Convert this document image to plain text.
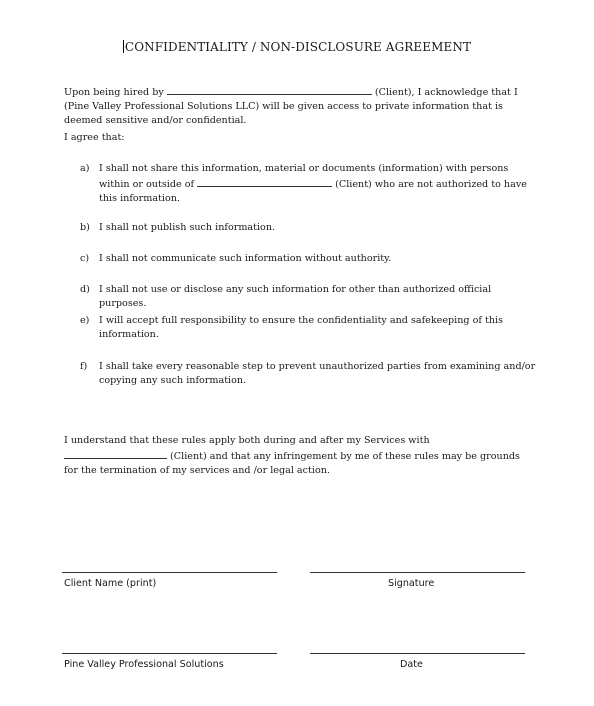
CONFIDENTIALITY / NON-DISCLOSURE AGREEMENT
Upon being hired by	(Client), I acknowledge that I (Pine Valley Professional Solutions LLC) will be given access to private information that is deemed sensitive and/or confidential.
I agree that:
a) I shall not share this information, material or documents (information) with persons within or outside of	(Client) who are not authorized to have this information.
b) I shall not publish such information.
c)	I shall not communicate such information without authority.
d) I shall not use or disclose any such information for other than authorized official purposes.
e) I will accept full responsibility to ensure the confidentiality and safekeeping of this information.
f)	I shall take every reasonable step to prevent unauthorized parties from examining and/or copying any such information.
I understand that these rules apply both during and after my Services with  (Client) and that any infringement by me of these rules may be grounds for the termination of my services and /or legal action.
Client Name (print)	Signature
Pine Valley Professional Solutions	Date
